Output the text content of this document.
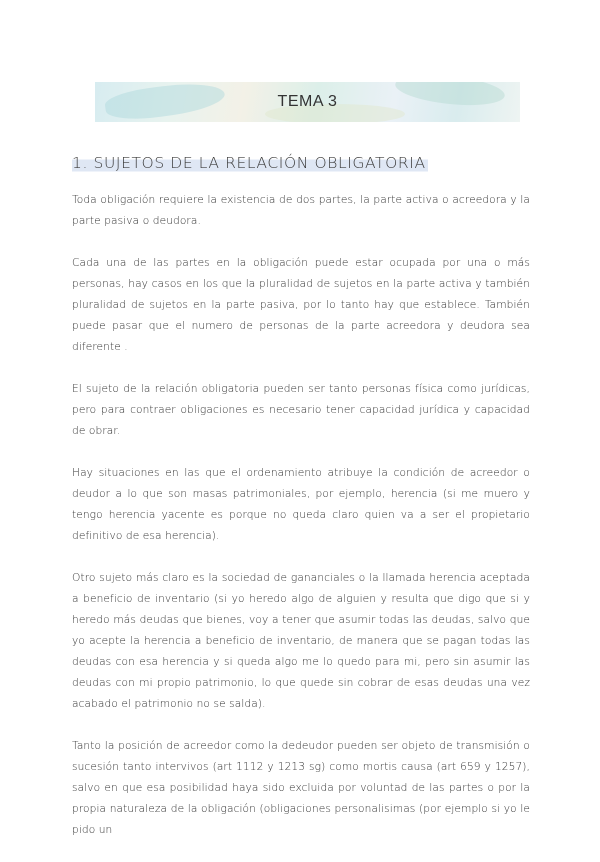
TEMA 3
1. SUJETOS DE LA RELACIÓN OBLIGATORIA

Toda obligación requiere la existencia de dos partes, la parte activa o acreedora y la parte pasiva o deudora.

Cada una de las partes en la obligación puede estar ocupada por una o más personas, hay casos en los que la pluralidad de sujetos en la parte activa y también pluralidad de sujetos en la parte pasiva, por lo tanto hay que establece. También puede pasar que el numero de personas de la parte acreedora y deudora sea diferente .

El sujeto de la relación obligatoria pueden ser tanto personas física como jurídicas, pero para contraer obligaciones es necesario tener capacidad jurídica y capacidad de obrar.

Hay situaciones en las que el ordenamiento atribuye la condición de acreedor o deudor a lo que son masas patrimoniales, por ejemplo, herencia (si me muero y tengo herencia yacente es porque no queda claro quien va a ser el propietario definitivo de esa herencia).

Otro sujeto más claro es la sociedad de gananciales o la llamada herencia aceptada a beneficio de inventario (si yo heredo algo de alguien y resulta que digo que si y heredo más deudas que bienes, voy a tener que asumir todas las deudas, salvo que yo acepte la herencia a beneficio de inventario, de manera que se pagan todas las deudas con esa herencia y si queda algo me lo quedo para mi, pero sin asumir las deudas con mi propio patrimonio, lo que quede sin cobrar de esas deudas una vez acabado el patrimonio no se salda).

Tanto la posición de acreedor como la dedeudor pueden ser objeto de transmisión o sucesión tanto intervivos (art 1112 y 1213 sg) como mortis causa (art 659 y 1257), salvo en que esa posibilidad haya sido excluida por voluntad de las partes o por la propia naturaleza de la obligación (obligaciones personalisimas (por ejemplo si yo le pido un
